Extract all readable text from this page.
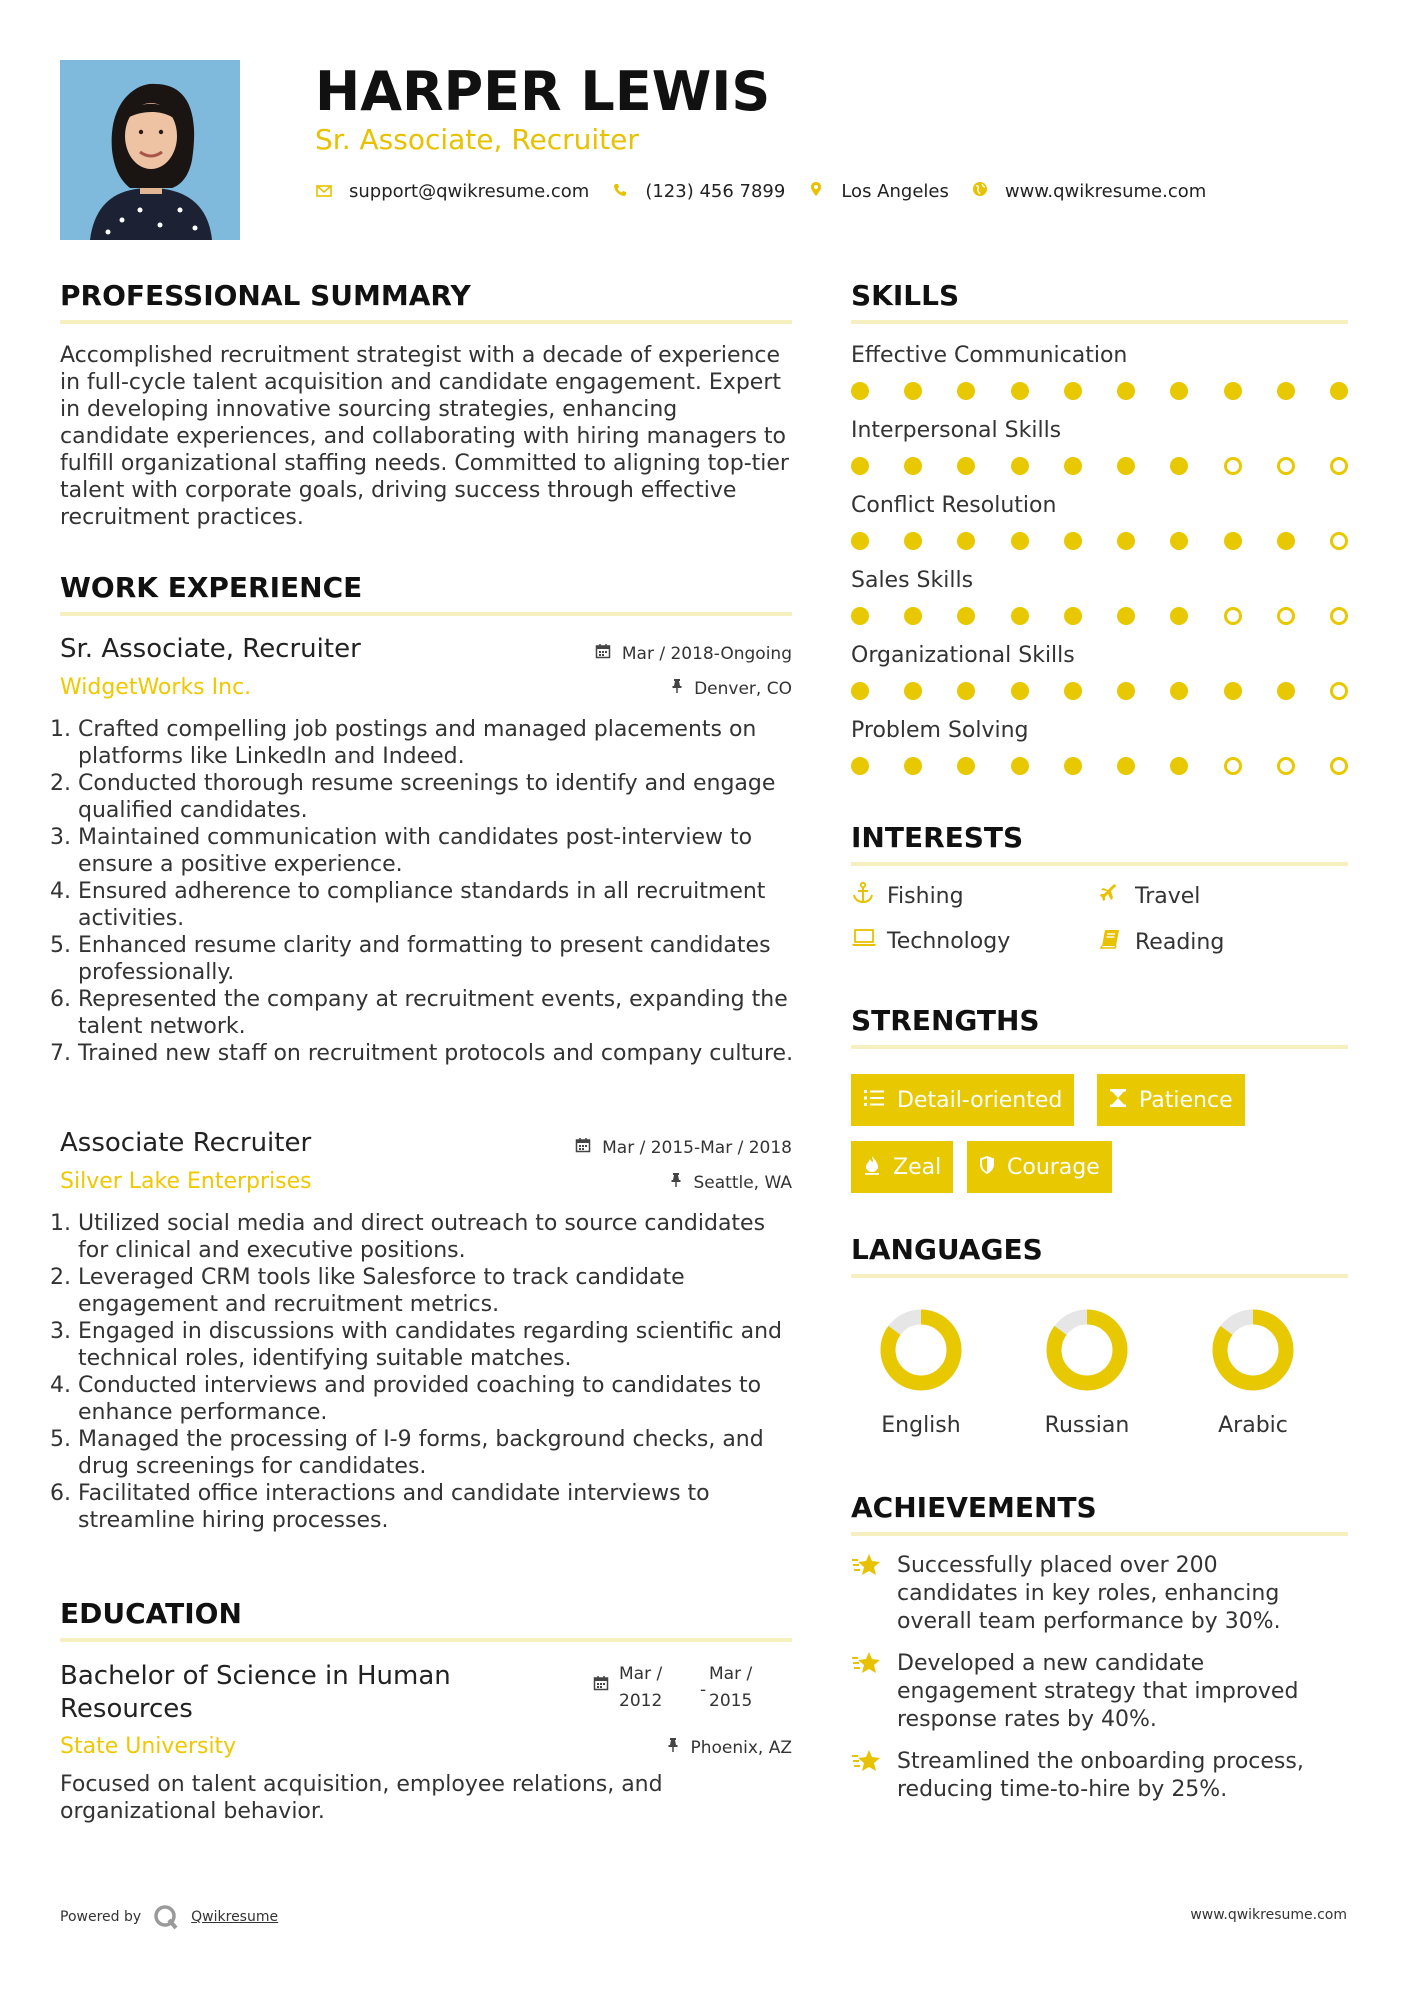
HARPER LEWIS
Sr. Associate, Recruiter
support@qwikresume.com	(123) 456 7899	Los Angeles	www.qwikresume.com
PROFESSIONAL SUMMARY
Accomplished recruitment strategist with a decade of experience in full-cycle talent acquisition and candidate engagement. Expert in developing innovative sourcing strategies, enhancing candidate experiences, and collaborating with hiring managers to fulfill organizational staffing needs. Committed to aligning top-tier talent with corporate goals, driving success through effective recruitment practices.
WORK EXPERIENCE
Sr. Associate, Recruiter	Mar / 2018-Ongoing
WidgetWorks Inc.	Denver, CO
1. Crafted compelling job postings and managed placements on platforms like LinkedIn and Indeed.
2. Conducted thorough resume screenings to identify and engage qualified candidates.
3. Maintained communication with candidates post-interview to ensure a positive experience.
4. Ensured adherence to compliance standards in all recruitment activities.
5. Enhanced resume clarity and formatting to present candidates professionally.
6. Represented the company at recruitment events, expanding the talent network.
7. Trained new staff on recruitment protocols and company culture.
Associate Recruiter	Mar / 2015-Mar / 2018
Silver Lake Enterprises	Seattle, WA
1. Utilized social media and direct outreach to source candidates for clinical and executive positions.
2. Leveraged CRM tools like Salesforce to track candidate engagement and recruitment metrics.
3. Engaged in discussions with candidates regarding scientific and technical roles, identifying suitable matches.
4. Conducted interviews and provided coaching to candidates to enhance performance.
5. Managed the processing of I-9 forms, background checks, and drug screenings for candidates.
6. Facilitated office interactions and candidate interviews to streamline hiring processes.
EDUCATION
Bachelor of Science in Human Resources
Mar /
2012
-
Mar /
2015
State University	Phoenix, AZ
Focused on talent acquisition, employee relations, and organizational behavior.
SKILLS
Effective Communication
Interpersonal Skills
Conflict Resolution
Sales Skills
Organizational Skills
Problem Solving
INTERESTS
Fishing	Travel
Technology	Reading
STRENGTHS
Detail-oriented	Patience
Zeal	Courage
LANGUAGES
English	Russian	Arabic
ACHIEVEMENTS
Successfully placed over 200 candidates in key roles, enhancing overall team performance by 30%.
Developed a new candidate engagement strategy that improved response rates by 40%.
Streamlined the onboarding process, reducing time-to-hire by 25%.
Powered by	Qwikresume	www.qwikresume.com
